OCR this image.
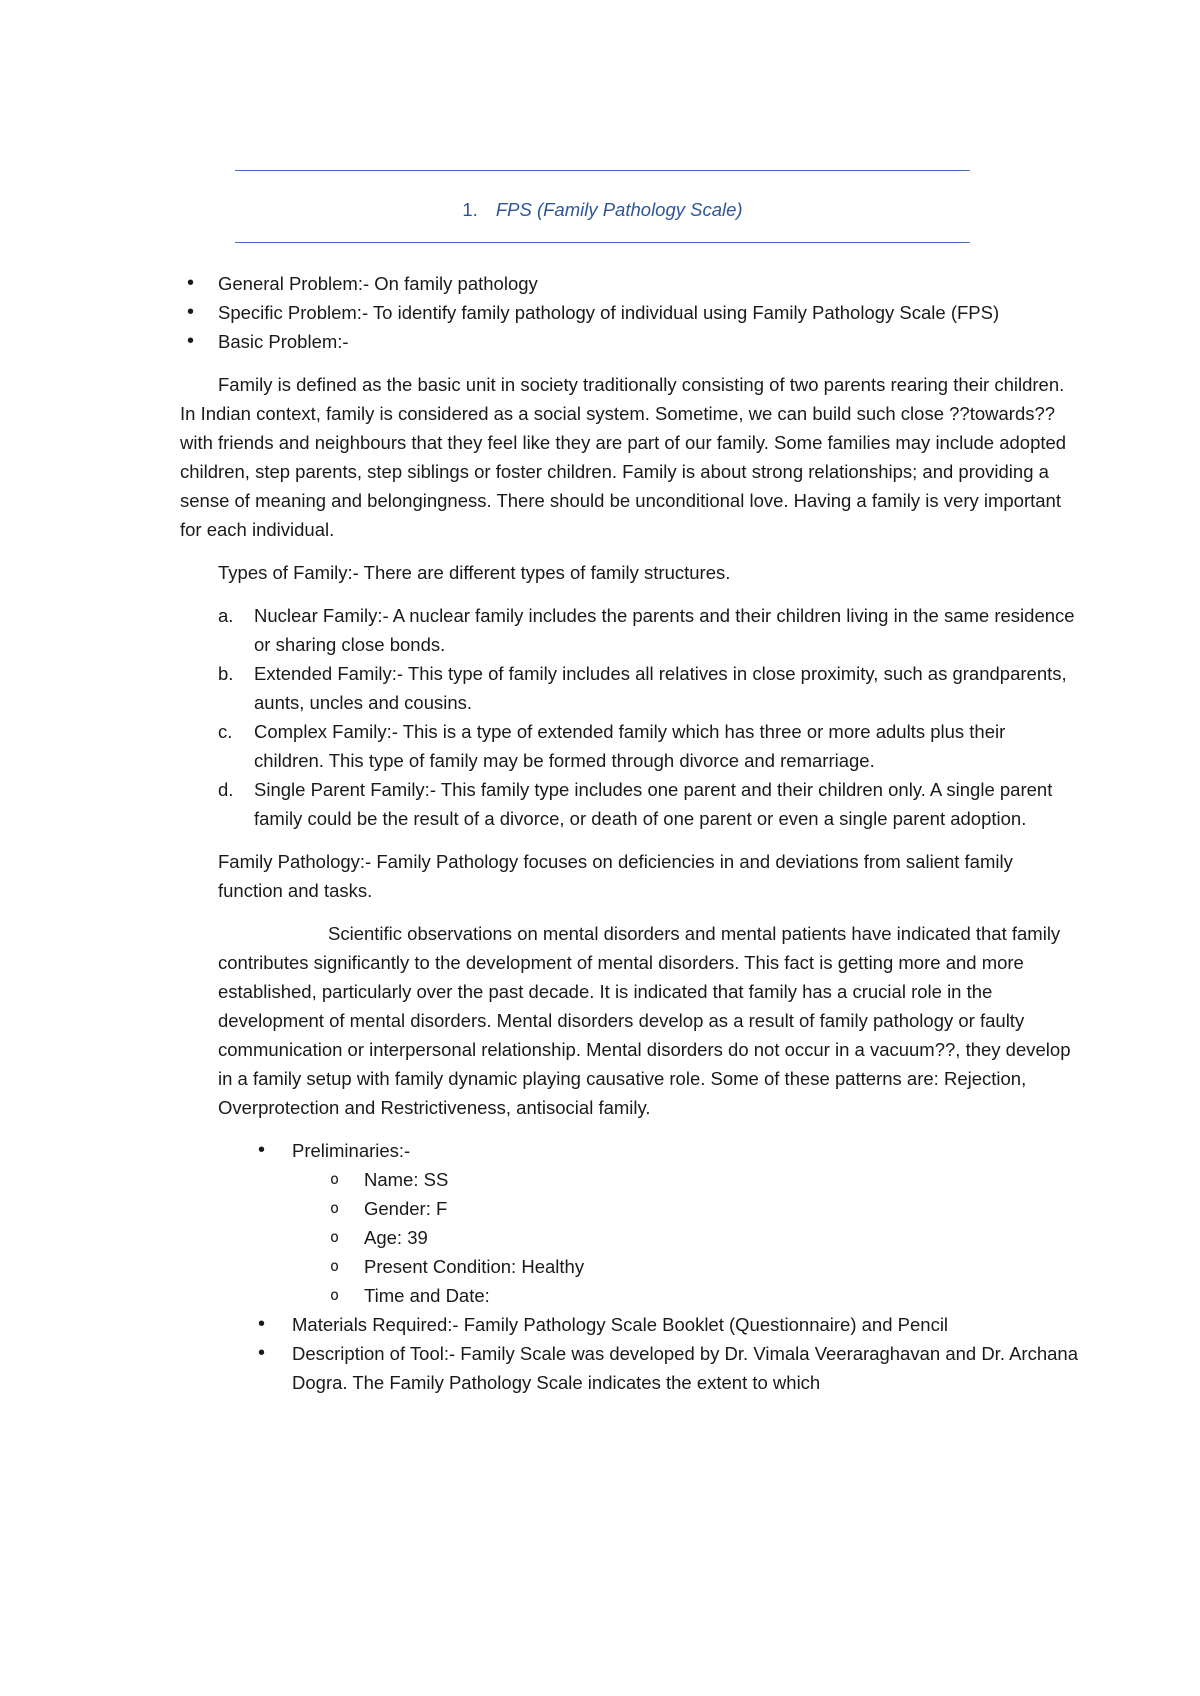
1. FPS (Family Pathology Scale)
• General Problem:- On family pathology
• Specific Problem:- To identify family pathology of individual using Family Pathology Scale (FPS)
• Basic Problem:-

Family is defined as the basic unit in society traditionally consisting of two parents rearing their children. In Indian context, family is considered as a social system. Sometime, we can build such close ??towards?? with friends and neighbours that they feel like they are part of our family. Some families may include adopted children, step parents, step siblings or foster children. Family is about strong relationships; and providing a sense of meaning and belongingness. There should be unconditional love. Having a family is very important for each individual.

Types of Family:- There are different types of family structures.

a. Nuclear Family:- A nuclear family includes the parents and their children living in the same residence or sharing close bonds.
b. Extended Family:- This type of family includes all relatives in close proximity, such as grandparents, aunts, uncles and cousins.
c. Complex Family:- This is a type of extended family which has three or more adults plus their children. This type of family may be formed through divorce and remarriage.
d. Single Parent Family:- This family type includes one parent and their children only. A single parent family could be the result of a divorce, or death of one parent or even a single parent adoption.

Family Pathology:- Family Pathology focuses on deficiencies in and deviations from salient family function and tasks.

Scientific observations on mental disorders and mental patients have indicated that family contributes significantly to the development of mental disorders. This fact is getting more and more established, particularly over the past decade. It is indicated that family has a crucial role in the development of mental disorders. Mental disorders develop as a result of family pathology or faulty communication or interpersonal relationship. Mental disorders do not occur in a vacuum??, they develop in a family setup with family dynamic playing causative role. Some of these patterns are: Rejection, Overprotection and Restrictiveness, antisocial family.

• Preliminaries:-
o Name: SS
o Gender: F
o Age: 39
o Present Condition: Healthy
o Time and Date:
• Materials Required:- Family Pathology Scale Booklet (Questionnaire) and Pencil
• Description of Tool:- Family Scale was developed by Dr. Vimala Veeraraghavan and Dr. Archana Dogra. The Family Pathology Scale indicates the extent to which
